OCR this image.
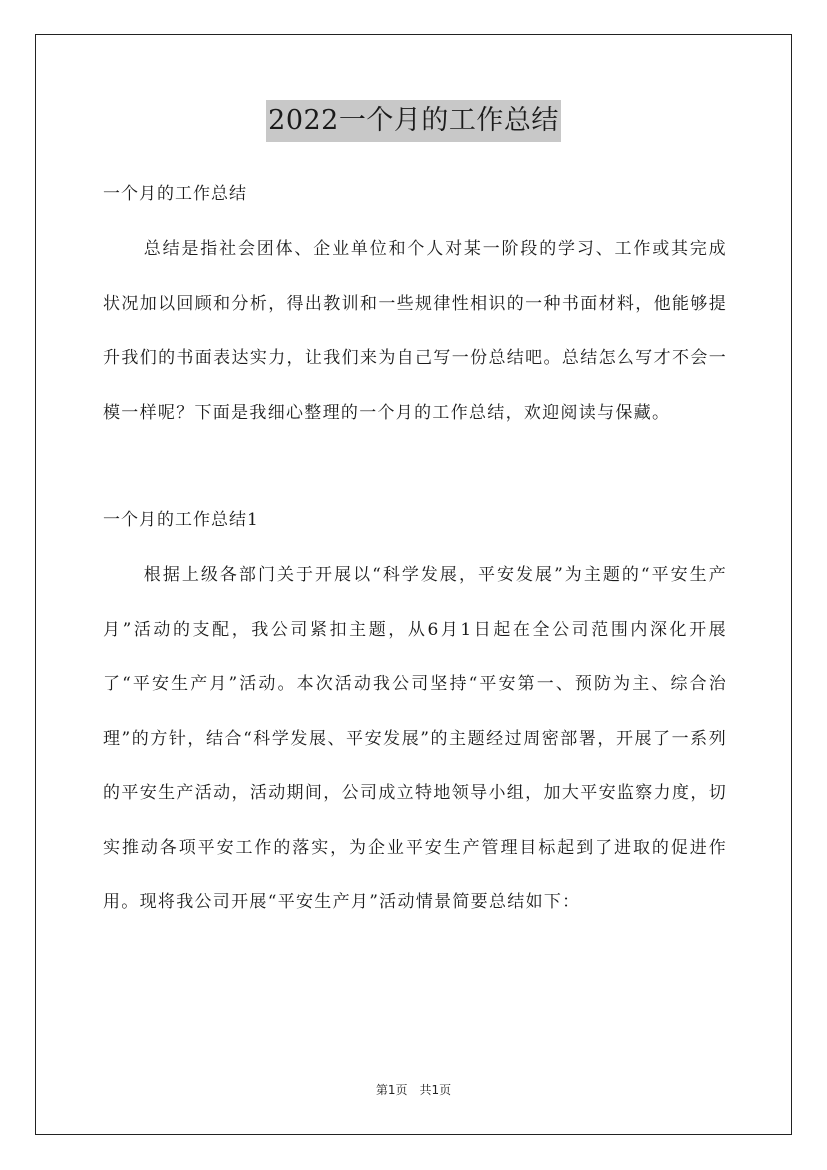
2022一个月的工作总结

一个月的工作总结

总结是指社会团体、企业单位和个人对某一阶段的学习、工作或其完成状况加以回顾和分析，得出教训和一些规律性相识的一种书面材料，他能够提升我们的书面表达实力，让我们来为自己写一份总结吧。总结怎么写才不会一模一样呢？下面是我细心整理的一个月的工作总结，欢迎阅读与保藏。

一个月的工作总结1

根据上级各部门关于开展以“科学发展，平安发展”为主题的“平安生产月”活动的支配，我公司紧扣主题，从6月1日起在全公司范围内深化开展了“平安生产月”活动。本次活动我公司坚持“平安第一、预防为主、综合治理”的方针，结合“科学发展、平安发展”的主题经过周密部署，开展了一系列的平安生产活动，活动期间，公司成立特地领导小组，加大平安监察力度，切实推动各项平安工作的落实，为企业平安生产管理目标起到了进取的促进作用。现将我公司开展“平安生产月”活动情景简要总结如下：

第1页 共1页
